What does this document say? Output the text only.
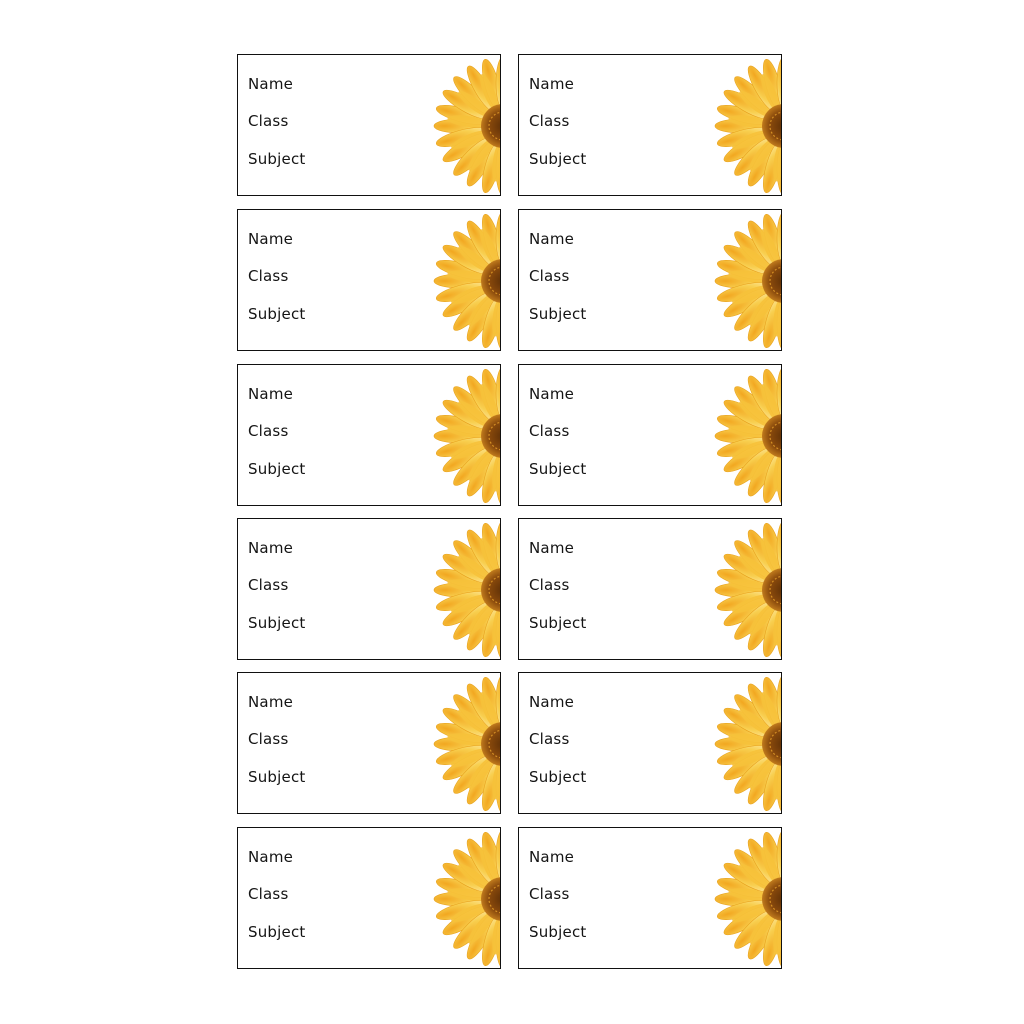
Name
Class
Subject
Name
Class
Subject
Name
Class
Subject
Name
Class
Subject
Name
Class
Subject
Name
Class
Subject
Name
Class
Subject
Name
Class
Subject
Name
Class
Subject
Name
Class
Subject
Name
Class
Subject
Name
Class
Subject
